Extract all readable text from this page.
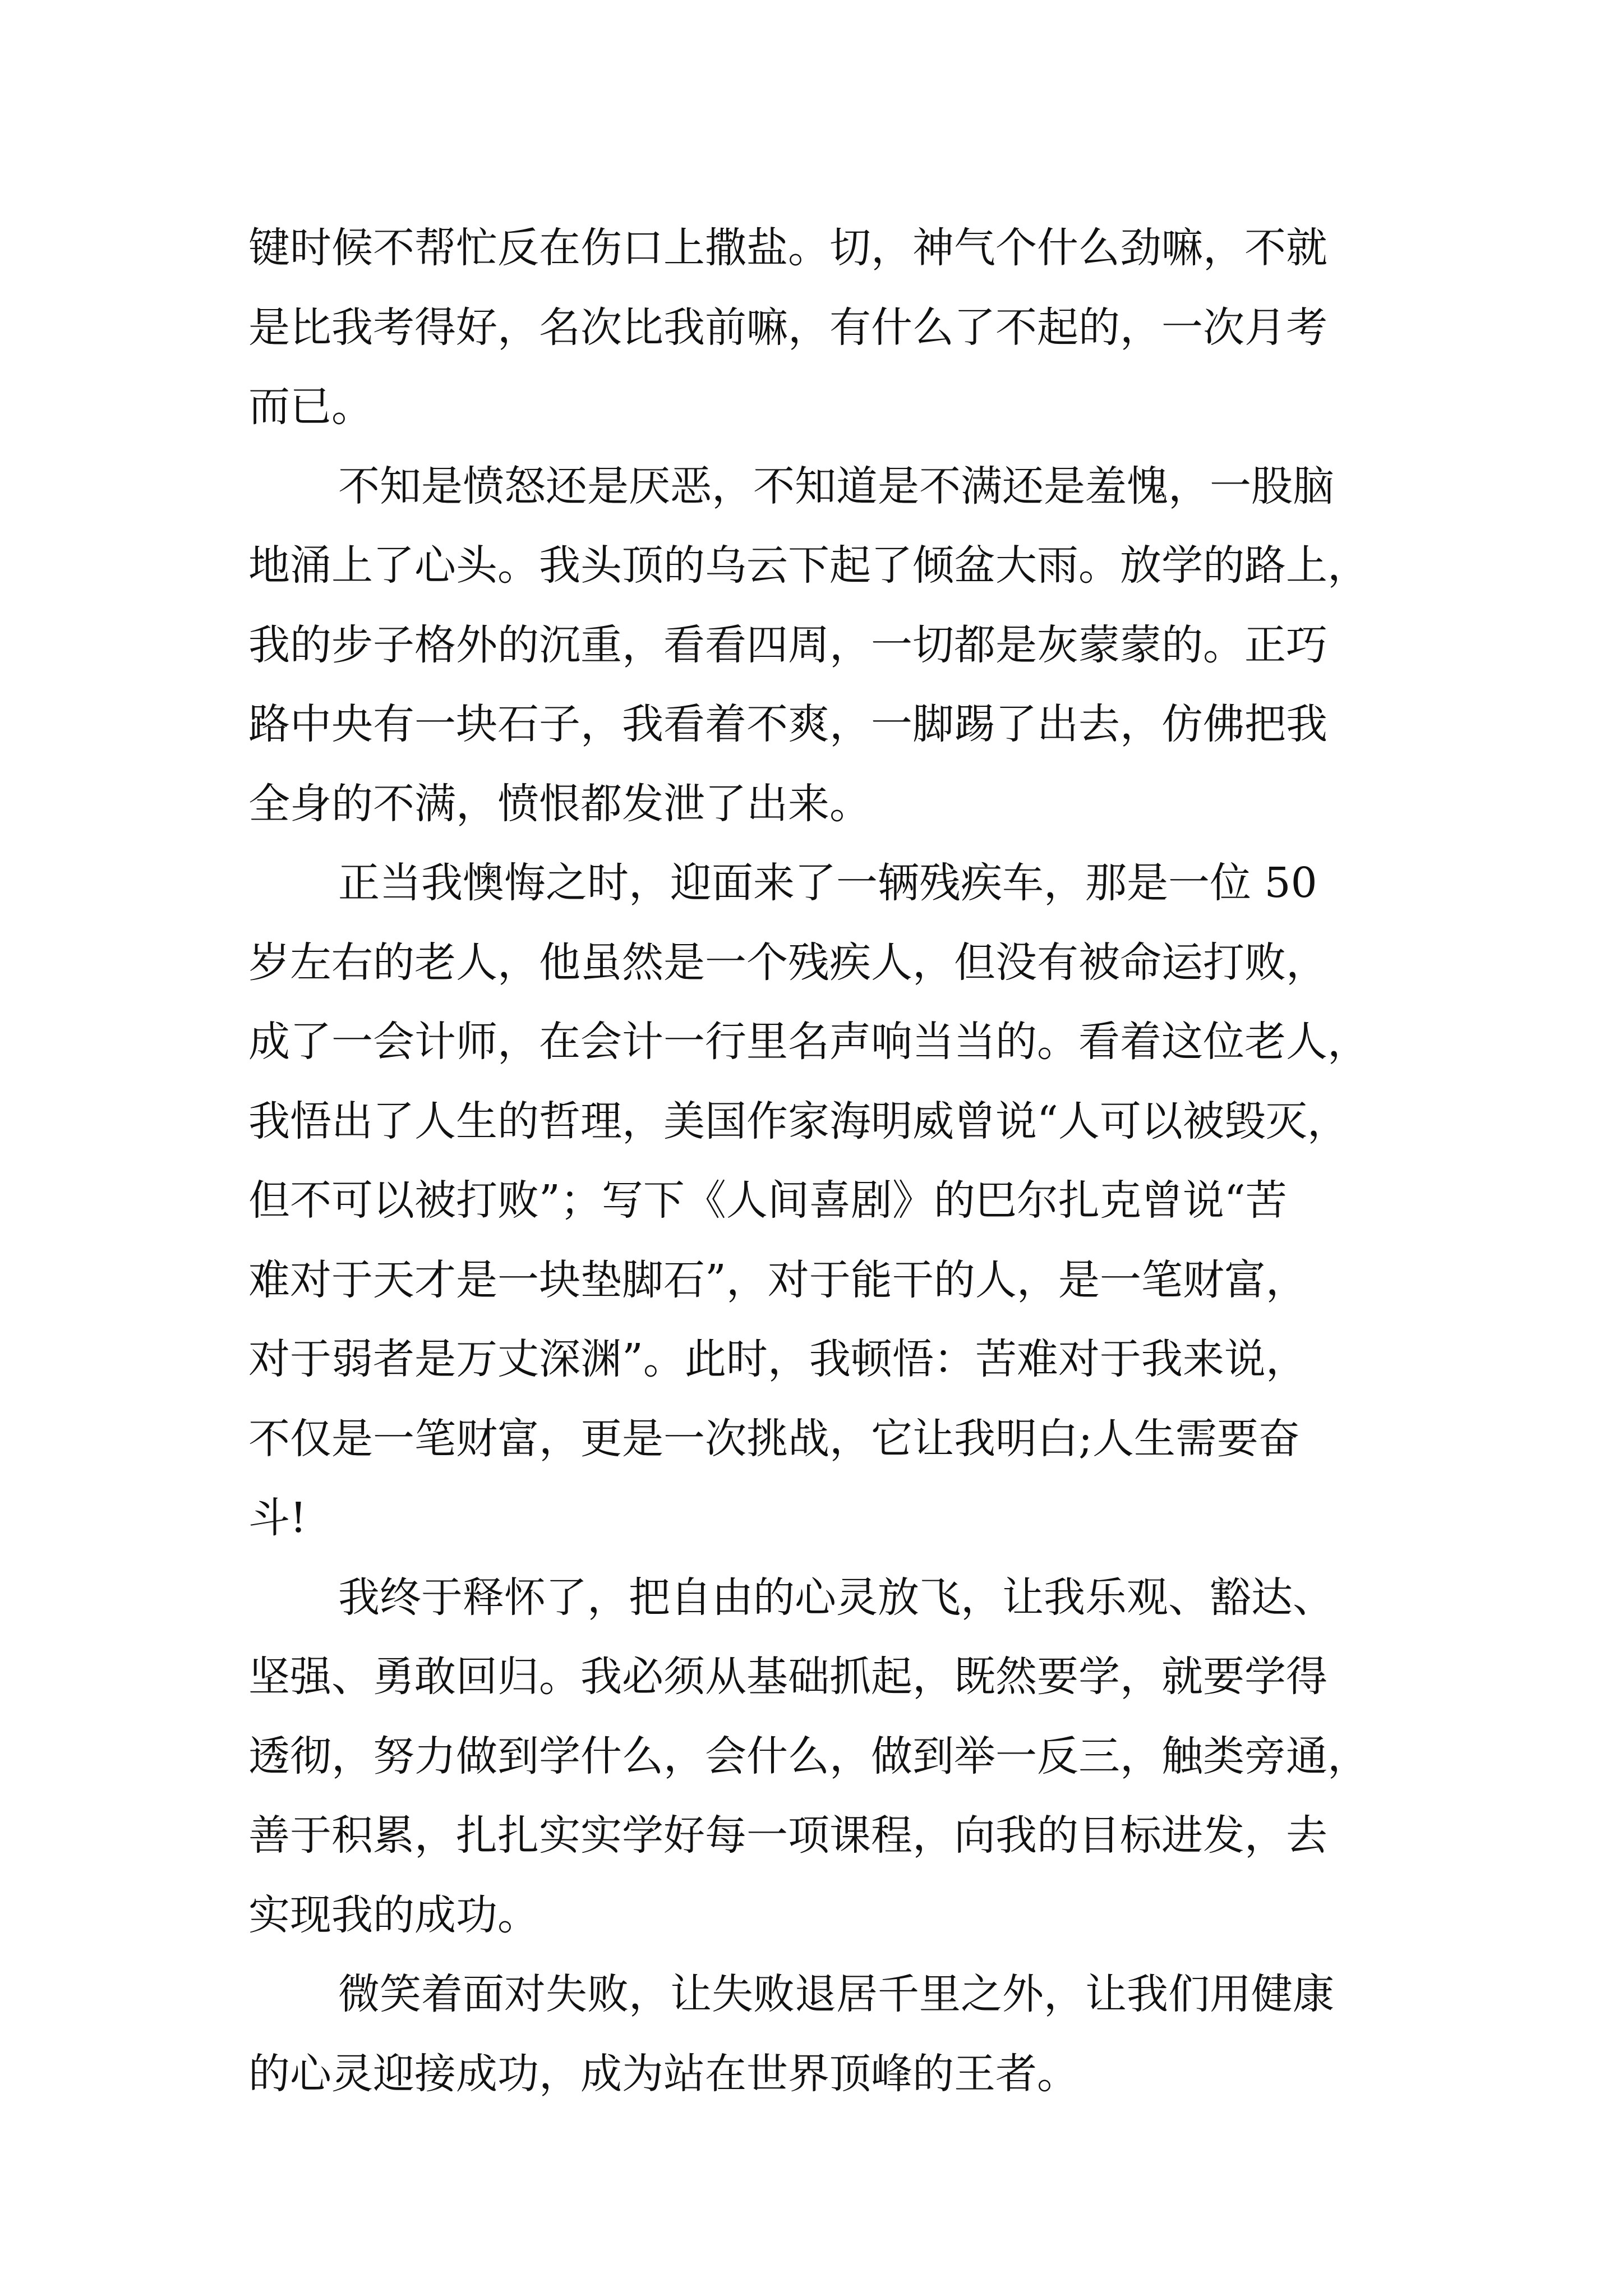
键时候不帮忙反在伤口上撒盐。切，神气个什么劲嘛，不就

是比我考得好，名次比我前嘛，有什么了不起的，一次月考

而已。

不知是愤怒还是厌恶，不知道是不满还是羞愧，一股脑

地涌上了心头。我头顶的乌云下起了倾盆大雨。放学的路上，

我的步子格外的沉重，看看四周，一切都是灰蒙蒙的。正巧

路中央有一块石子，我看着不爽，一脚踢了出去，仿佛把我

全身的不满，愤恨都发泄了出来。

正当我懊悔之时，迎面来了一辆残疾车，那是一位 50

岁左右的老人，他虽然是一个残疾人，但没有被命运打败，

成了一会计师，在会计一行里名声响当当的。看着这位老人，

我悟出了人生的哲理，美国作家海明威曾说“人可以被毁灭，

但不可以被打败”；写下《人间喜剧》的巴尔扎克曾说“苦

难对于天才是一块垫脚石”，对于能干的人，是一笔财富，

对于弱者是万丈深渊”。此时，我顿悟：苦难对于我来说，

不仅是一笔财富，更是一次挑战，它让我明白;人生需要奋

斗!

我终于释怀了，把自由的心灵放飞，让我乐观、豁达、

坚强、勇敢回归。我必须从基础抓起，既然要学，就要学得

透彻，努力做到学什么，会什么，做到举一反三，触类旁通，

善于积累，扎扎实实学好每一项课程，向我的目标进发，去

实现我的成功。

微笑着面对失败，让失败退居千里之外，让我们用健康

的心灵迎接成功，成为站在世界顶峰的王者。
